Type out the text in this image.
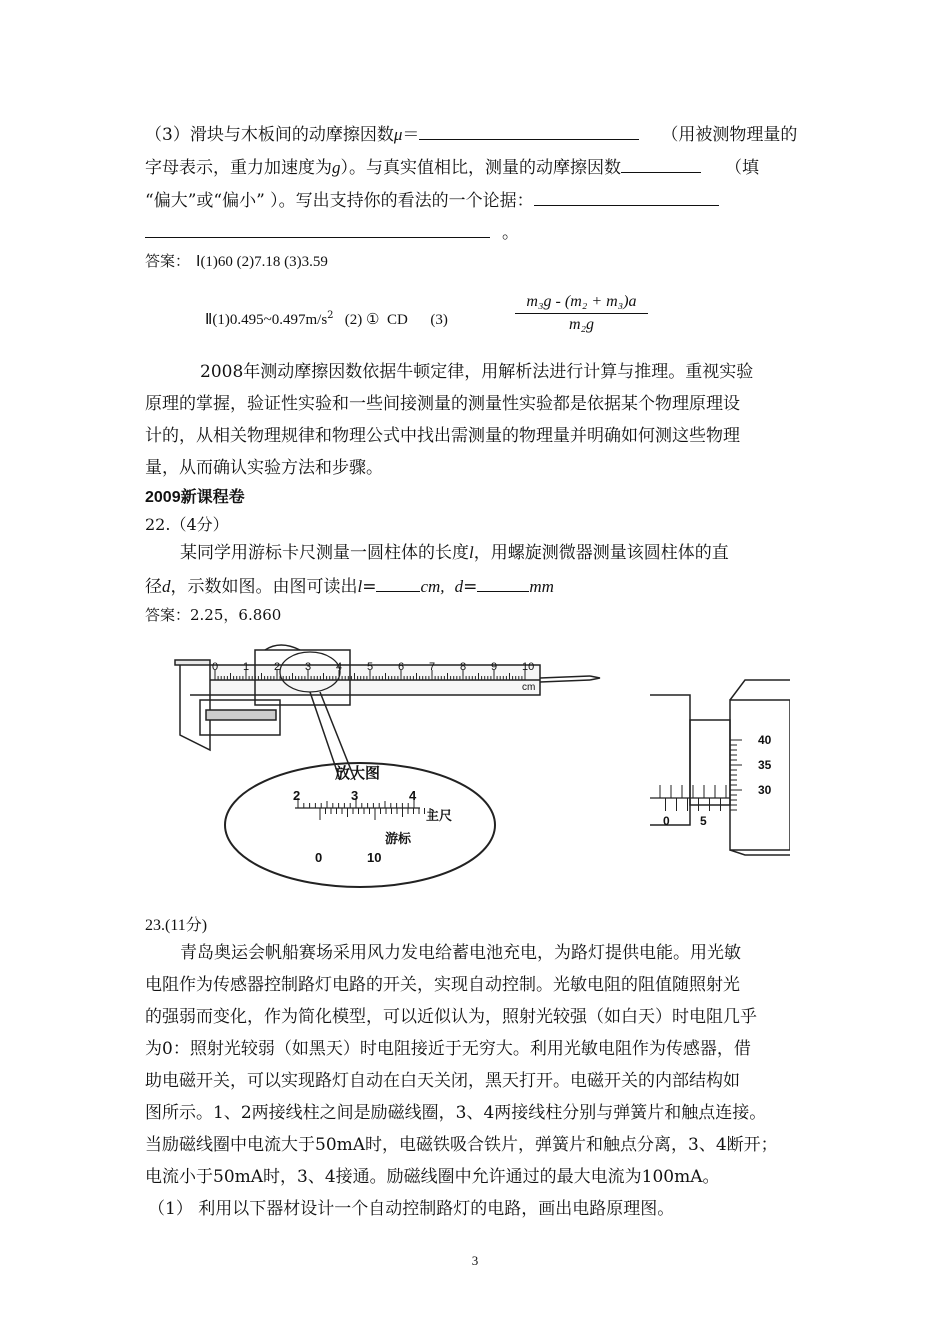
（3）滑块与木板间的动摩擦因数μ＝	（用被测物理量的
字母表示，重力加速度为g）。与真实值相比，测量的动摩擦因数	（填
“偏大”或“偏小” ）。写出支持你的看法的一个论据：
。
答案： Ⅰ(1)60 (2)7.18 (3)3.59
$Ⅱ(1)0.495\sim 0.497m/s^2$   (2) ①  CD      (3)	$\frac{\text{m₃g - (m₂ + m₃)a}}{\text{m₂g}}$
2008年测动摩擦因数依据牛顿定律，用解析法进行计算与推理。重视实验
原理的掌握，验证性实验和一些间接测量的测量性实验都是依据某个物理原理设
计的，从相关物理规律和物理公式中找出需测量的物理量并明确如何测这些物理
量，从而确认实验方法和步骤。
2009新课程卷
22.（4分）
某同学用游标卡尺测量一圆柱体的长度l，用螺旋测微器测量该圆柱体的直
径d，示数如图。由图可读出l=	cm, d=	mm
答案：2.25，6.860
0 1 2 3 4 5 6 7 8 9 10
cm
放大图
2	3	4
0	10
主尺
游标
0	5
40
35
30
23.(11分)
青岛奥运会帆船赛场采用风力发电给蓄电池充电，为路灯提供电能。用光敏
电阻作为传感器控制路灯电路的开关，实现自动控制。光敏电阻的阻值随照射光
的强弱而变化，作为简化模型，可以近似认为，照射光较强（如白天）时电阻几乎
为0：照射光较弱（如黑天）时电阻接近于无穷大。利用光敏电阻作为传感器，借
助电磁开关，可以实现路灯自动在白天关闭，黑天打开。电磁开关的内部结构如
图所示。1、2两接线柱之间是励磁线圈，3、4两接线柱分别与弹簧片和触点连接。
当励磁线圈中电流大于50mA时，电磁铁吸合铁片，弹簧片和触点分离，3、4断开；
电流小于50mA时，3、4接通。励磁线圈中允许通过的最大电流为100mA。
（1） 利用以下器材设计一个自动控制路灯的电路，画出电路原理图。
3
